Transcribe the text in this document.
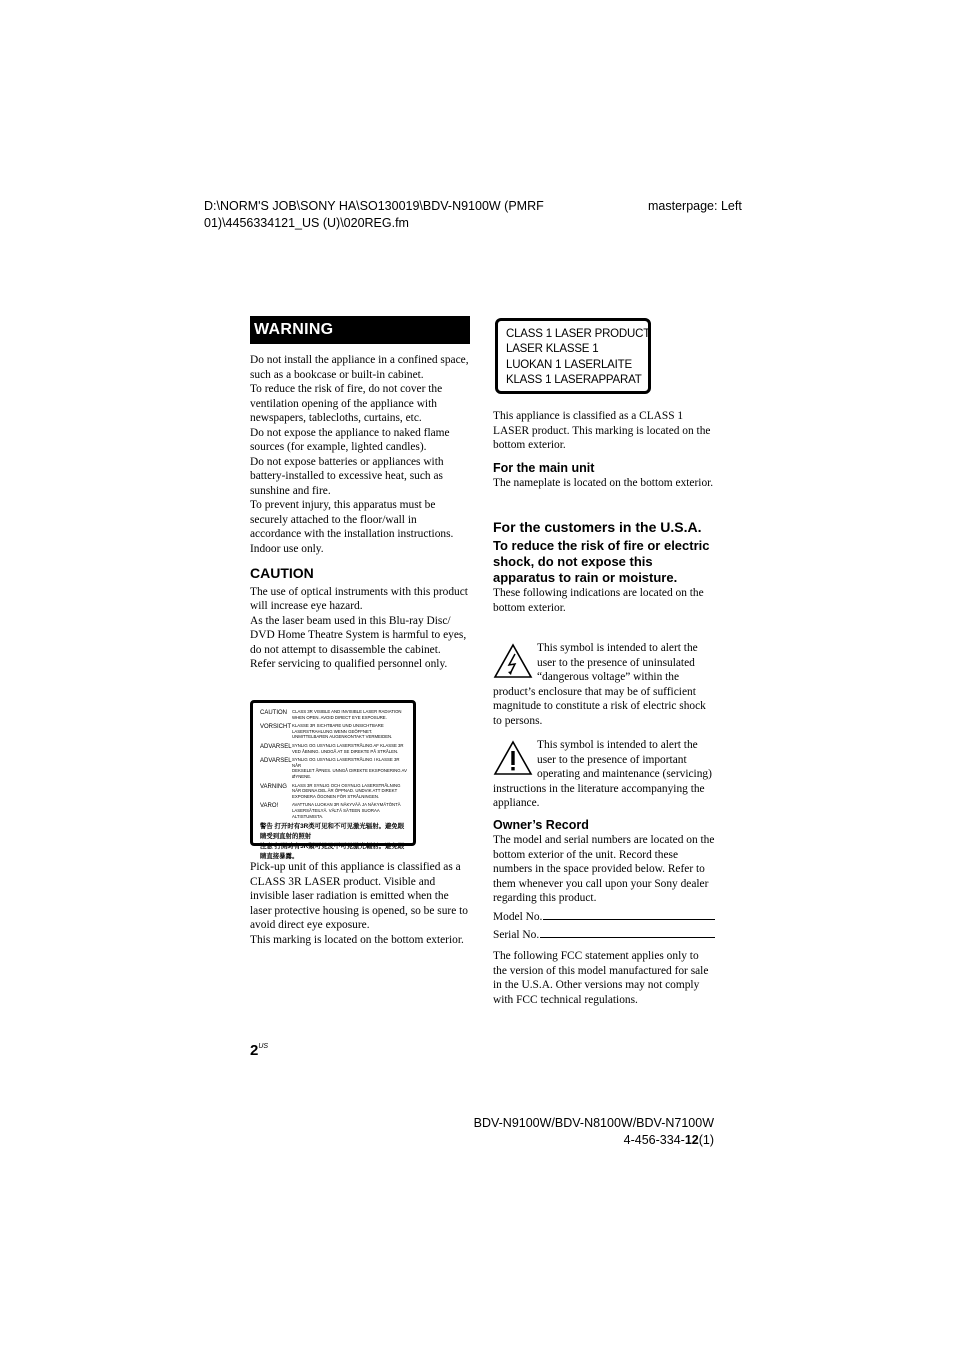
D:\NORM'S JOB\SONY HA\SO130019\BDV-N9100W (PMRF
01)\4456334121_US (U)\020REG.fm
masterpage: Left
WARNING

Do not install the appliance in a confined space, such as a bookcase or built-in cabinet.

To reduce the risk of fire, do not cover the ventilation opening of the appliance with newspapers, tablecloths, curtains, etc.

Do not expose the appliance to naked flame sources (for example, lighted candles).

Do not expose batteries or appliances with battery-installed to excessive heat, such as sunshine and fire.

To prevent injury, this apparatus must be securely attached to the floor/wall in accordance with the installation instructions.

Indoor use only.

CAUTION

The use of optical instruments with this product will increase eye hazard.

As the laser beam used in this Blu-ray Disc/ DVD Home Theatre System is harmful to eyes, do not attempt to disassemble the cabinet.

Refer servicing to qualified personnel only.

CAUTION	CLASS 3R VISIBLE AND INVISIBLE LASER RADIATION
WHEN OPEN. AVOID DIRECT EYE EXPOSURE.
VORSICHT KLASSE 3R SICHTBARE UND UNSICHTBARE
LASERSTRAHLUNG WENN GEÖFFNET.
UNMITTELBAREN AUGENKONTAKT VERMEIDEN.
ADVARSEL SYNLIG OG USYNLIG LASERSTRÅLING AF KLASSE 3R
VED ÅBNING. UNDGÅ AT SE DIREKTE PÅ STRÅLEN.
ADVARSEL SYNLIG OG USYNLIG LASERSTRÅLING I KLASSE 3R NÅR
DEKSELET ÅPNES. UNNGÅ DIREKTE EKSPONERING AV ØYNENE.
VARNING	KLASS 3R SYNLIG OCH OSYNLIG LASERSTRÅLNING
NÄR DENNA DEL ÄR ÖPPNAD. UNDVIK ATT DIREKT
EXPONERA ÖGONEN FÖR STRÅLNINGEN.
VARO!	AVATTUNA LUOKAN 3R NÄKYVÄÄ JA NÄKYMÄTÖNTÄ
LASERSÄTEILYÄ. VÄLTÄ SÄTEEN SUORAA ALTISTUMISTA.
警告 打开时有3R类可见和不可见激光辐射。避免眼睛受到直射的照射
注意 打開時有3R類可見及不可見激光輻射。避免眼睛直接暴露。

Pick-up unit of this appliance is classified as a CLASS 3R LASER product. Visible and invisible laser radiation is emitted when the laser protective housing is opened, so be sure to avoid direct eye exposure.

This marking is located on the bottom exterior.

CLASS 1 LASER PRODUCT
LASER KLASSE 1
LUOKAN 1 LASERLAITE
KLASS 1 LASERAPPARAT
This appliance is classified as a CLASS 1 LASER product. This marking is located on the bottom exterior.
For the main unit

The nameplate is located on the bottom exterior.

For the customers in the U.S.A.
To reduce the risk of fire or electric shock, do not expose this apparatus to rain or moisture.

These following indications are located on the bottom exterior.

This symbol is intended to alert the user to the presence of uninsulated “dangerous voltage” within the product’s enclosure that may be of sufficient magnitude to constitute a risk of electric shock to persons.
This symbol is intended to alert the user to the presence of important operating and maintenance (servicing) instructions in the literature accompanying the appliance.
Owner’s Record

The model and serial numbers are located on the bottom exterior of the unit. Record these numbers in the space provided below. Refer to them whenever you call upon your Sony dealer regarding this product.

Model No.
Serial No.
The following FCC statement applies only to the version of this model manufactured for sale in the U.S.A. Other versions may not comply with FCC technical regulations.
$2^{US}$
BDV-N9100W/BDV-N8100W/BDV-N7100W
4-456-334-12(1)
